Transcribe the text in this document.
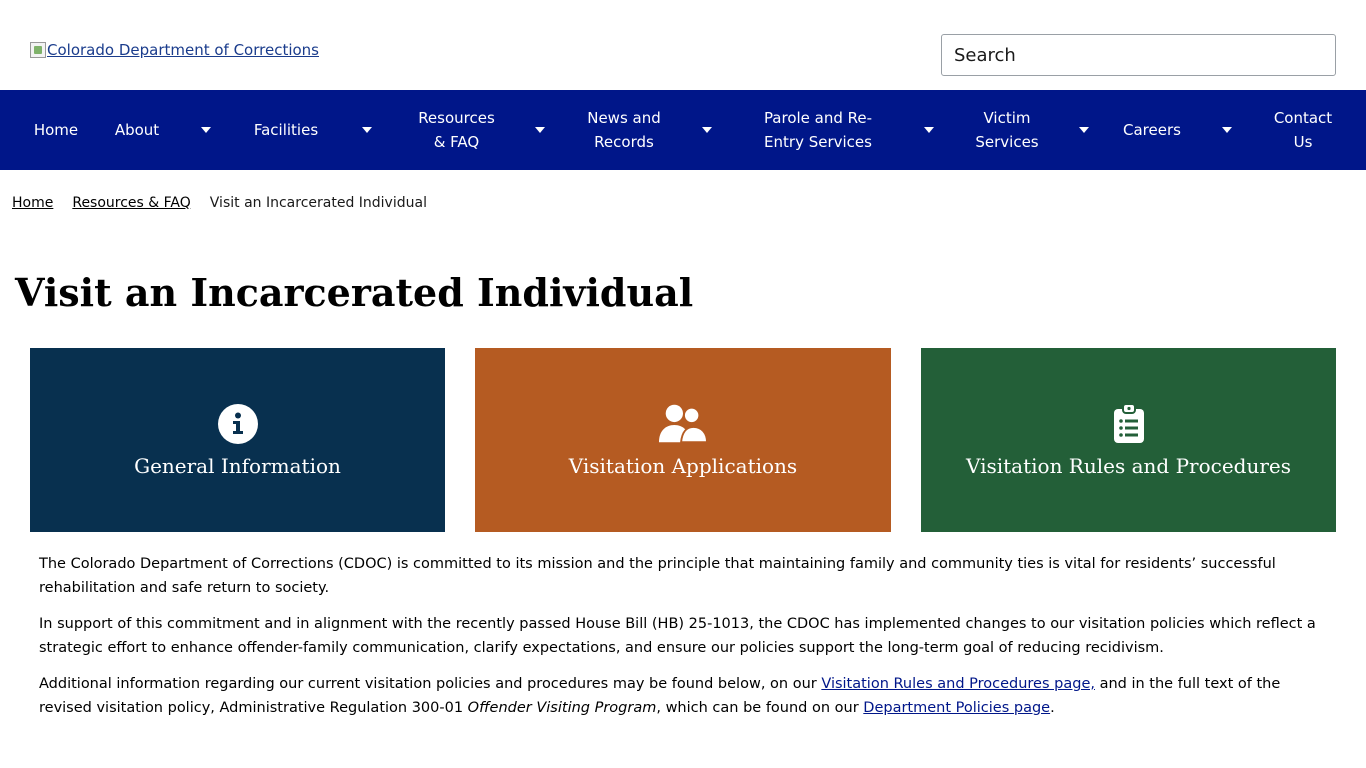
Colorado Department of Corrections	Search
Home About	Facilities
Resources
& FAQ
News and
Records
Parole and Re-
Entry Services
Victim
Services
Careers
Contact
Us
Home Resources & FAQ Visit an Incarcerated Individual
Visit an Incarcerated Individual
General Information	Visitation Applications	Visitation Rules and Procedures

The Colorado Department of Corrections (CDOC) is committed to its mission and the principle that maintaining family and community ties is vital for residents’ successful rehabilitation and safe return to society.

In support of this commitment and in alignment with the recently passed House Bill (HB) 25-1013, the CDOC has implemented changes to our visitation policies which reflect a strategic effort to enhance offender-family communication, clarify expectations, and ensure our policies support the long-term goal of reducing recidivism.

Additional information regarding our current visitation policies and procedures may be found below, on our Visitation Rules and Procedures page, and in the full text of the revised visitation policy, Administrative Regulation 300-01 Offender Visiting Program, which can be found on our Department Policies page.
